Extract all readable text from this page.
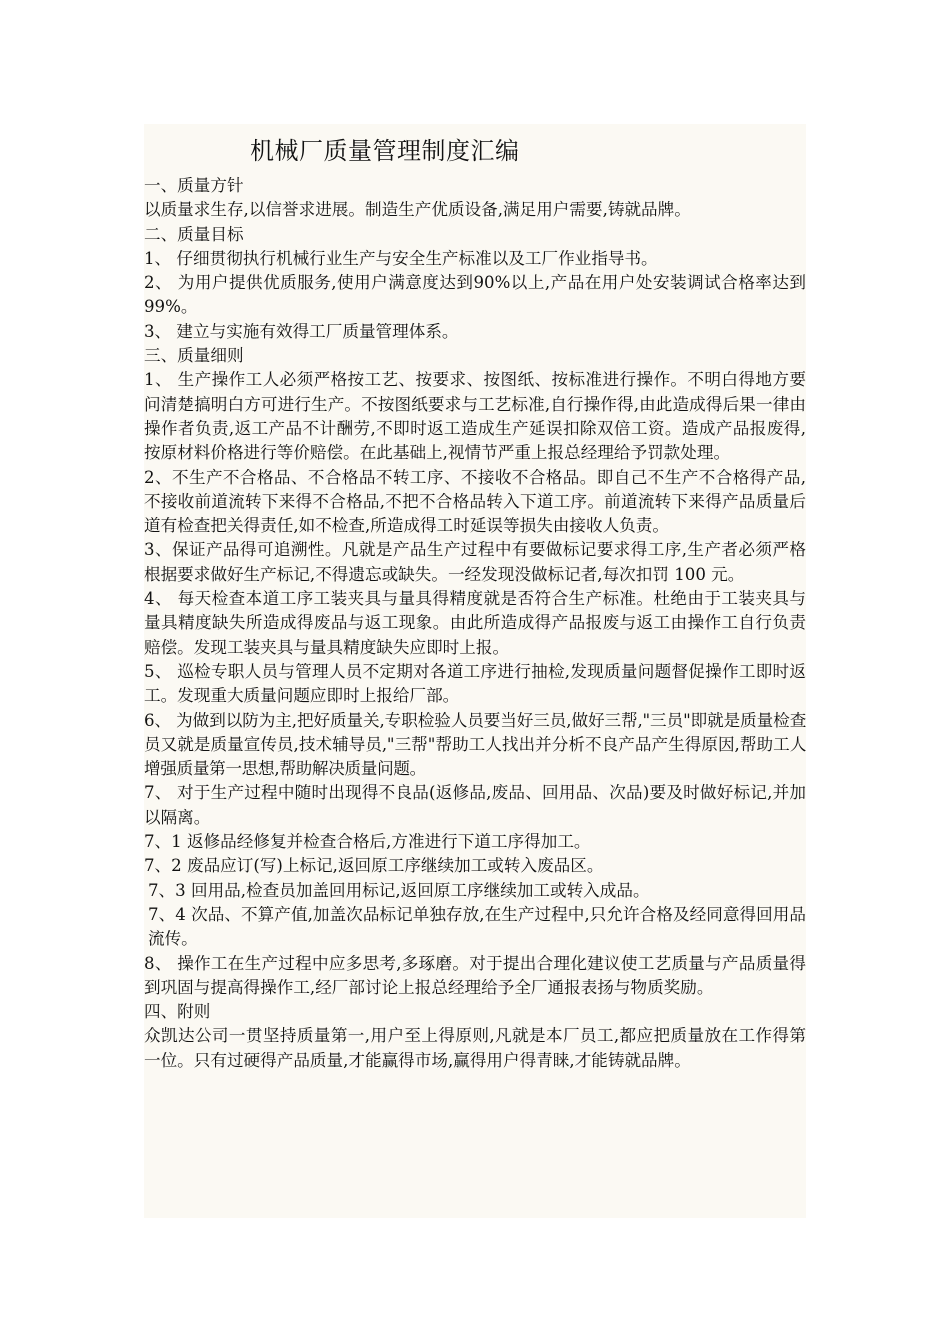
机械厂质量管理制度汇编

一、质量方针

以质量求生存,以信誉求进展。制造生产优质设备,满足用户需要,铸就品牌。

二、质量目标

1、 仔细贯彻执行机械行业生产与安全生产标准以及工厂作业指导书。

2、 为用户提供优质服务,使用户满意度达到90%以上,产品在用户处安装调试合格率达到99%。

3、 建立与实施有效得工厂质量管理体系。

三、质量细则

1、 生产操作工人必须严格按工艺、按要求、按图纸、按标准进行操作。不明白得地方要问清楚搞明白方可进行生产。不按图纸要求与工艺标准,自行操作得,由此造成得后果一律由操作者负责,返工产品不计酬劳,不即时返工造成生产延误扣除双倍工资。造成产品报废得,按原材料价格进行等价赔偿。在此基础上,视情节严重上报总经理给予罚款处理。

2、不生产不合格品、不合格品不转工序、不接收不合格品。即自己不生产不合格得产品,不接收前道流转下来得不合格品,不把不合格品转入下道工序。前道流转下来得产品质量后道有检查把关得责任,如不检查,所造成得工时延误等损失由接收人负责。

3、保证产品得可追溯性。凡就是产品生产过程中有要做标记要求得工序,生产者必须严格根据要求做好生产标记,不得遗忘或缺失。一经发现没做标记者,每次扣罚 100 元。

4、 每天检查本道工序工装夹具与量具得精度就是否符合生产标准。杜绝由于工装夹具与量具精度缺失所造成得废品与返工现象。由此所造成得产品报废与返工由操作工自行负责赔偿。发现工装夹具与量具精度缺失应即时上报。

5、 巡检专职人员与管理人员不定期对各道工序进行抽检,发现质量问题督促操作工即时返工。发现重大质量问题应即时上报给厂部。

6、 为做到以防为主,把好质量关,专职检验人员要当好三员,做好三帮,"三员"即就是质量检查员又就是质量宣传员,技术辅导员,"三帮"帮助工人找出并分析不良产品产生得原因,帮助工人增强质量第一思想,帮助解决质量问题。

7、 对于生产过程中随时出现得不良品(返修品,废品、回用品、次品)要及时做好标记,并加以隔离。

7、1 返修品经修复并检查合格后,方准进行下道工序得加工。

7、2 废品应订(写)上标记,返回原工序继续加工或转入废品区。

7、3 回用品,检查员加盖回用标记,返回原工序继续加工或转入成品。

7、4 次品、不算产值,加盖次品标记单独存放,在生产过程中,只允许合格及经同意得回用品流传。

8、 操作工在生产过程中应多思考,多琢磨。对于提出合理化建议使工艺质量与产品质量得到巩固与提高得操作工,经厂部讨论上报总经理给予全厂通报表扬与物质奖励。

四、附则

众凯达公司一贯坚持质量第一,用户至上得原则,凡就是本厂员工,都应把质量放在工作得第一位。只有过硬得产品质量,才能赢得市场,赢得用户得青睐,才能铸就品牌。
